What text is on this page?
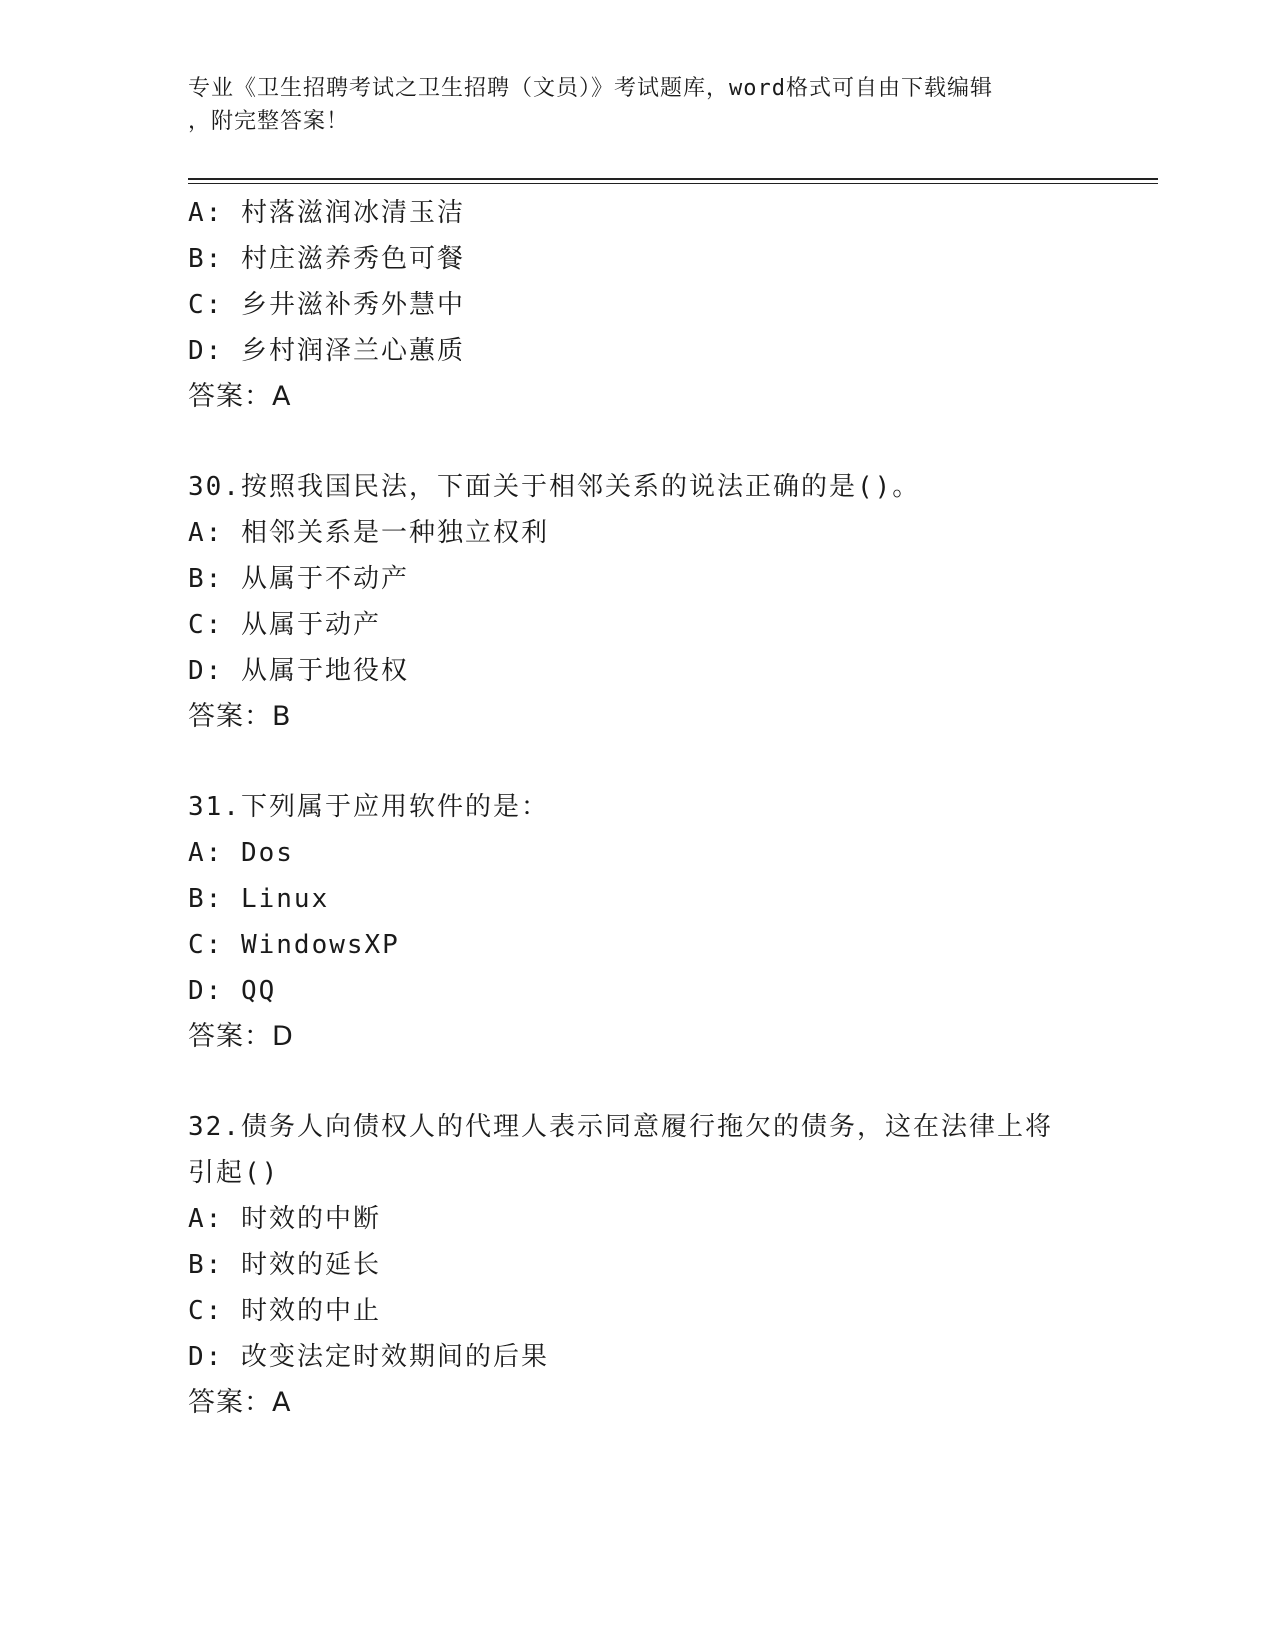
专业《卫生招聘考试之卫生招聘（文员）》考试题库，word格式可自由下载编辑
，附完整答案！
A: 村落滋润冰清玉洁
B: 村庄滋养秀色可餐
C: 乡井滋补秀外慧中
D: 乡村润泽兰心蕙质
答案：A
30.按照我国民法，下面关于相邻关系的说法正确的是()。
A: 相邻关系是一种独立权利
B: 从属于不动产
C: 从属于动产
D: 从属于地役权
答案：B
31.下列属于应用软件的是：
A: Dos
B: Linux
C: WindowsXP
D: QQ
答案：D
32.债务人向债权人的代理人表示同意履行拖欠的债务，这在法律上将
引起()
A: 时效的中断
B: 时效的延长
C: 时效的中止
D: 改变法定时效期间的后果
答案：A
